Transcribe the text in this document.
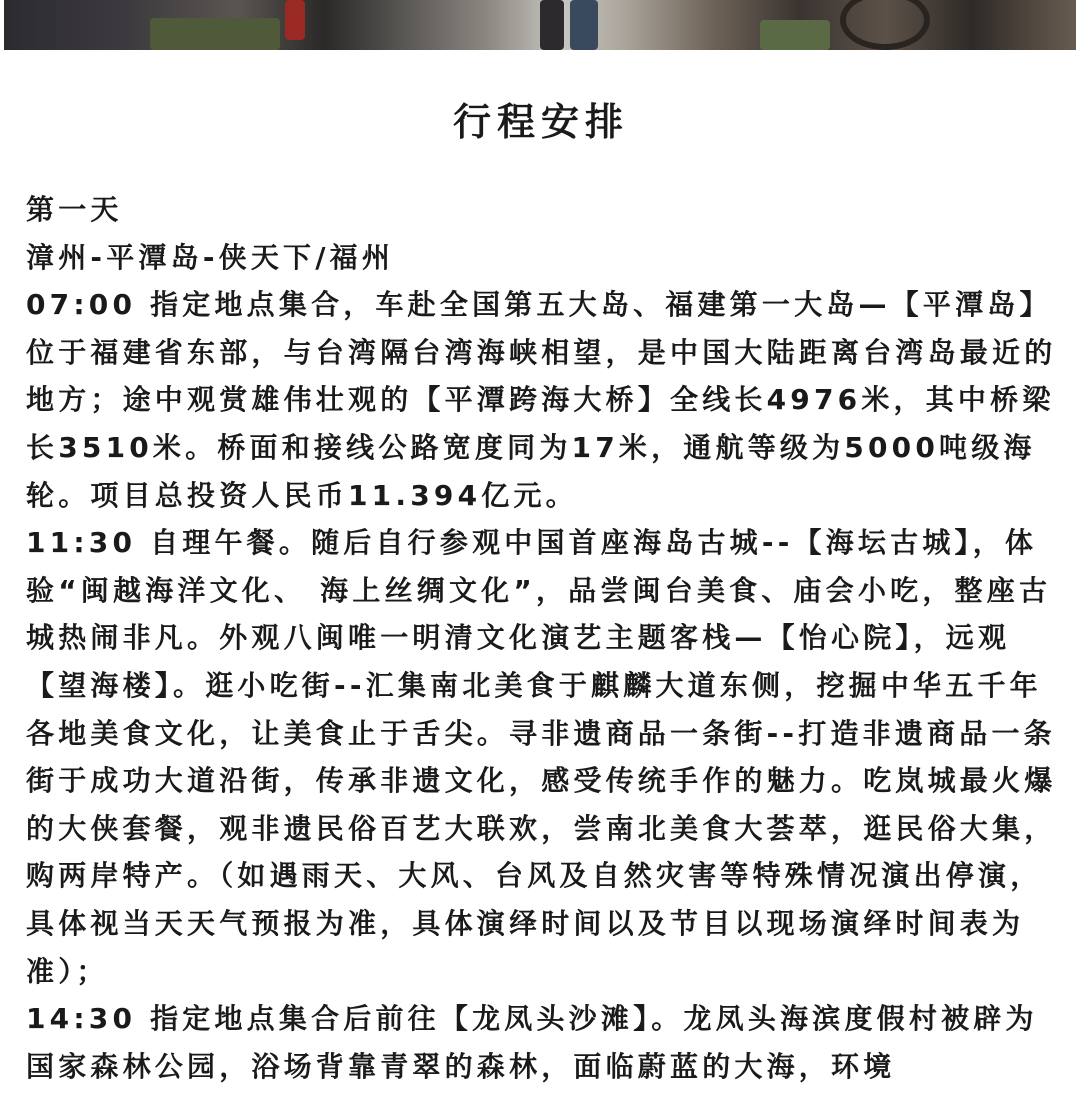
行程安排

第一天

漳州-平潭岛-侠天下/福州

07:00 指定地点集合，车赴全国第五大岛、福建第一大岛—【平潭岛】位于福建省东部，与台湾隔台湾海峡相望，是中国大陆距离台湾岛最近的地方；途中观赏雄伟壮观的【平潭跨海大桥】全线长4976米，其中桥梁长3510米。桥面和接线公路宽度同为17米，通航等级为5000吨级海轮。项目总投资人民币11.394亿元。

11:30 自理午餐。随后自行参观中国首座海岛古城--【海坛古城】，体验“闽越海洋文化、 海上丝绸文化”，品尝闽台美食、庙会小吃，整座古城热闹非凡。外观八闽唯一明清文化演艺主题客栈—【怡心院】，远观【望海楼】。逛小吃街--汇集南北美食于麒麟大道东侧，挖掘中华五千年各地美食文化，让美食止于舌尖。寻非遗商品一条街--打造非遗商品一条街于成功大道沿街，传承非遗文化，感受传统手作的魅力。吃岚城最火爆的大侠套餐，观非遗民俗百艺大联欢，尝南北美食大荟萃，逛民俗大集，购两岸特产。（如遇雨天、大风、台风及自然灾害等特殊情况演出停演，具体视当天天气预报为准，具体演绎时间以及节目以现场演绎时间表为准）；

14:30 指定地点集合后前往【龙凤头沙滩】。龙凤头海滨度假村被辟为国家森林公园，浴场背靠青翠的森林，面临蔚蓝的大海，环境
